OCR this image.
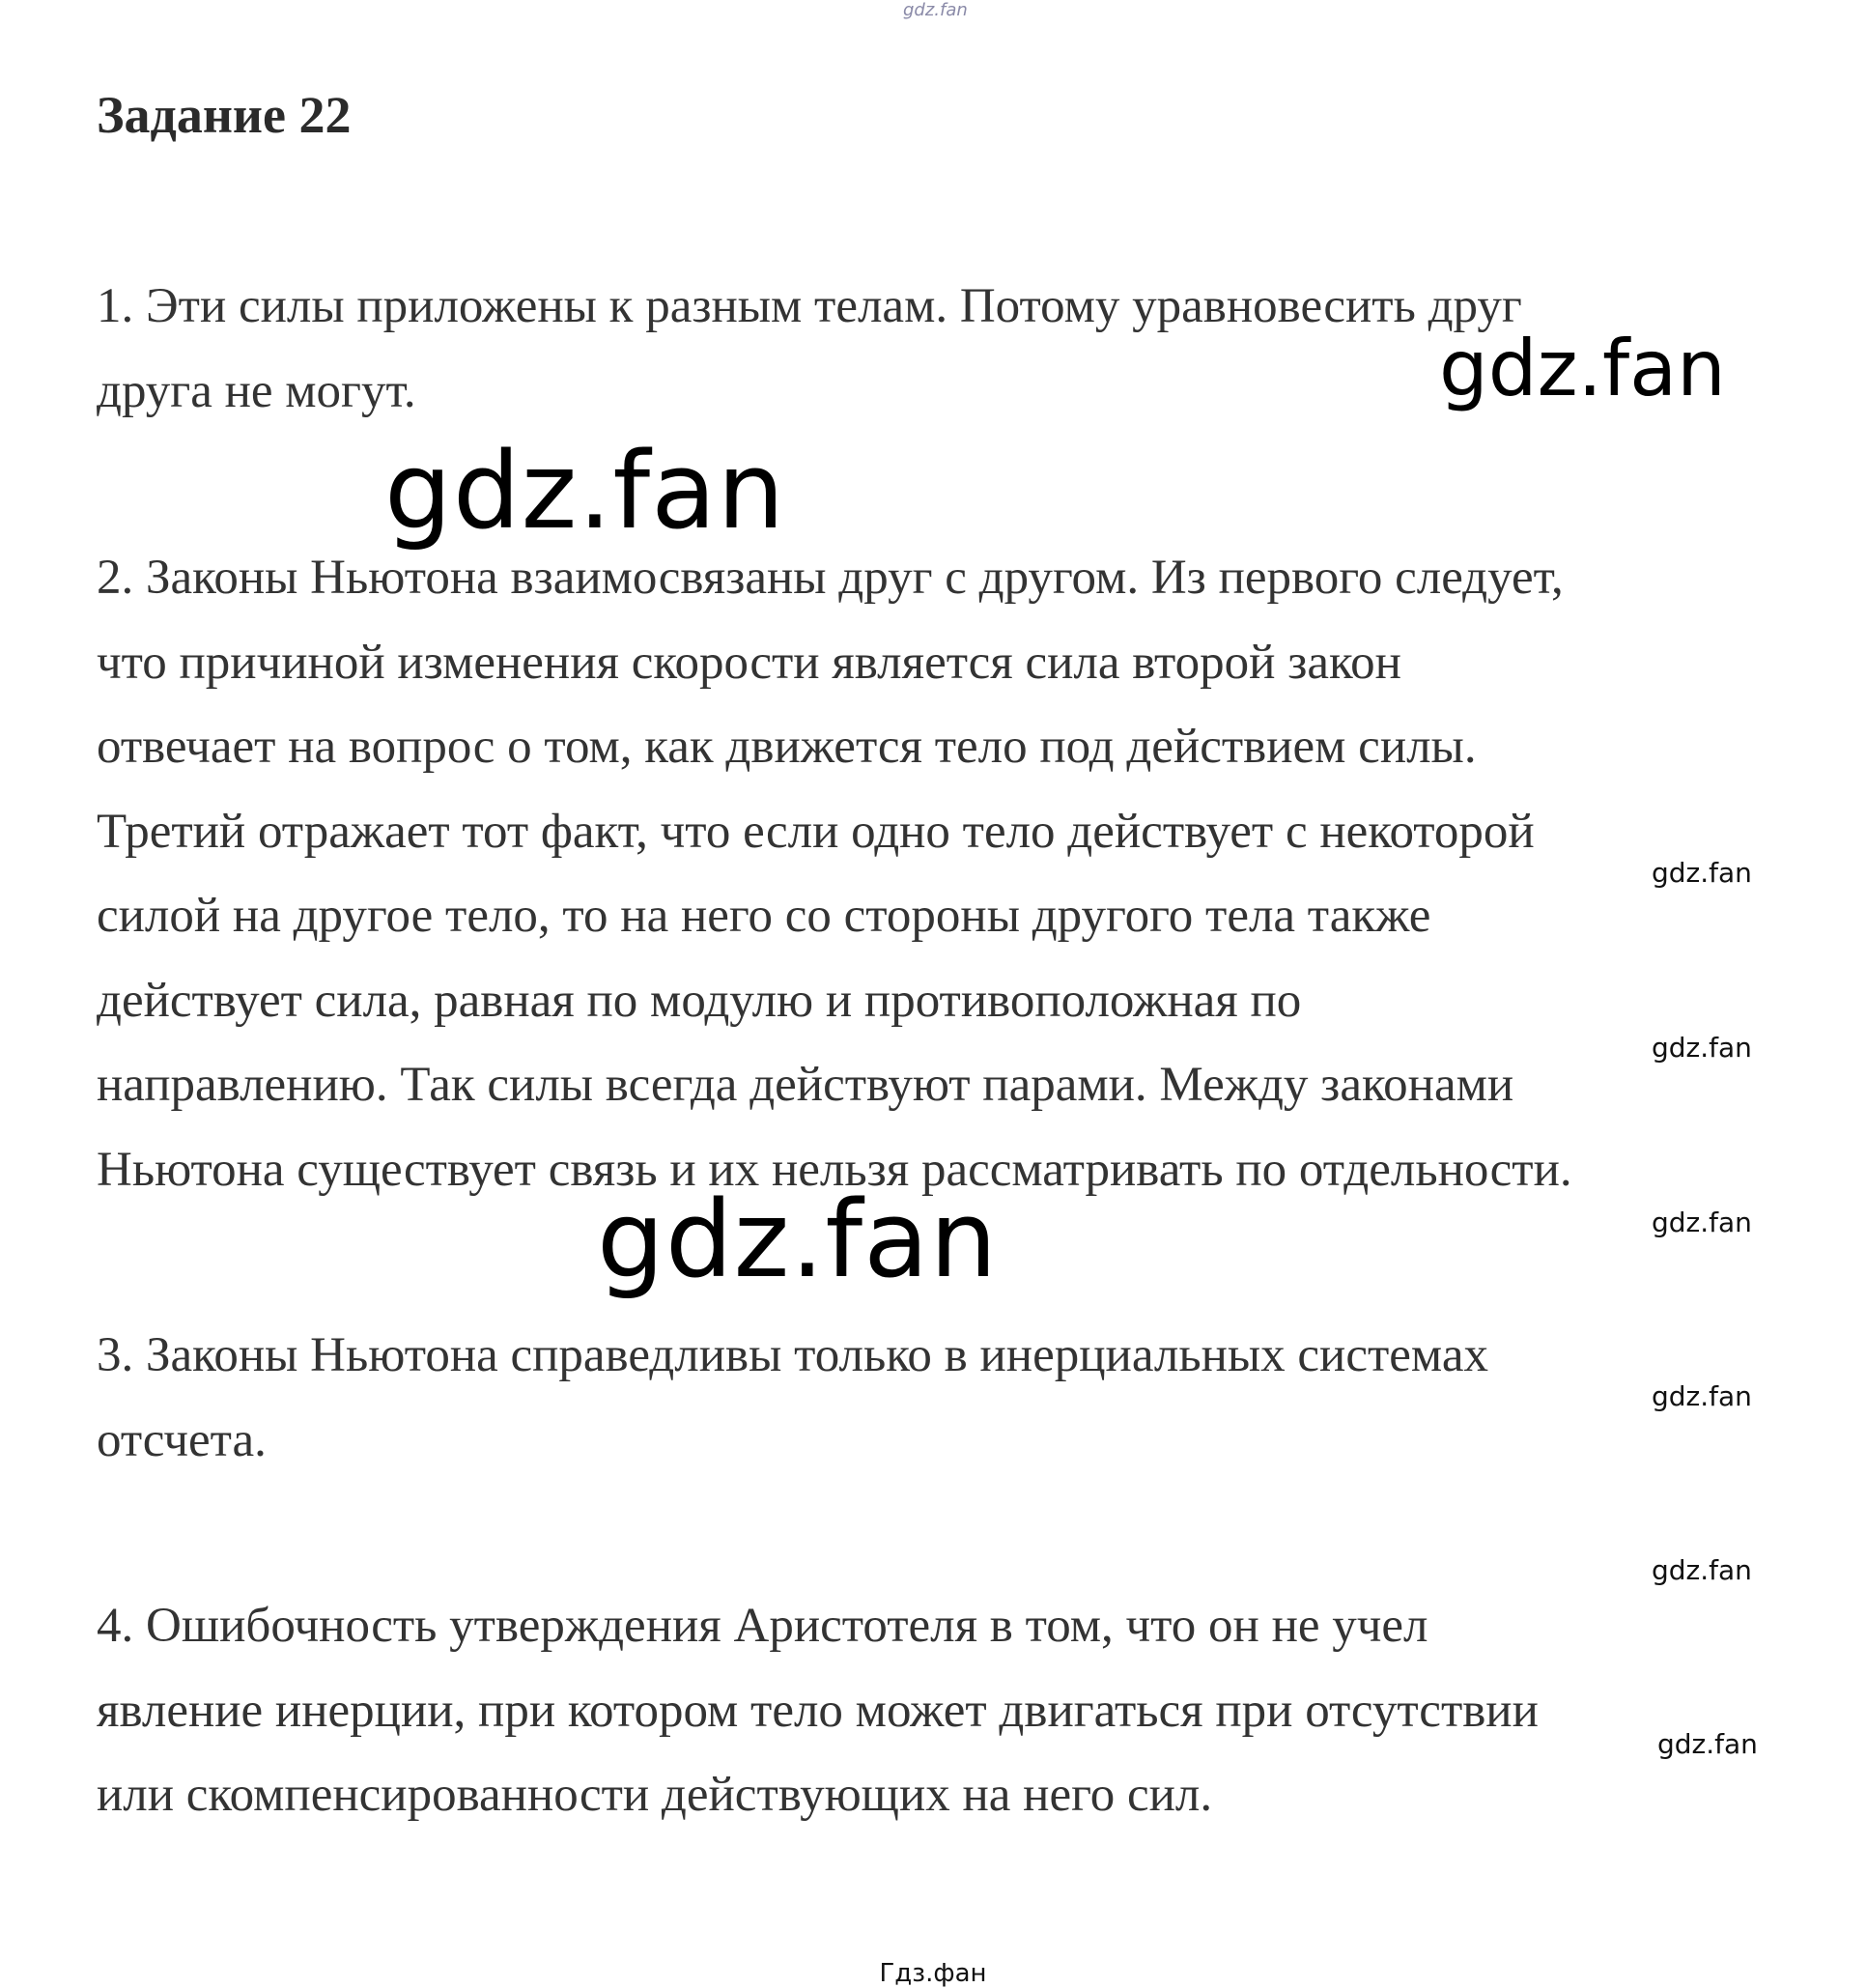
gdz.fan
Задание 22
1. Эти силы приложены к разным телам. Потому уравновесить друг
друга не могут.
2. Законы Ньютона взаимосвязаны друг с другом. Из первого следует,
что причиной изменения скорости является сила второй закон
отвечает на вопрос о том, как движется тело под действием силы.
Третий отражает тот факт, что если одно тело действует с некоторой
силой на другое тело, то на него со стороны другого тела также
действует сила, равная по модулю и противоположная по
направлению. Так силы всегда действуют парами. Между законами
Ньютона существует связь и их нельзя рассматривать по отдельности.
3. Законы Ньютона справедливы только в инерциальных системах
отсчета.
4. Ошибочность утверждения Аристотеля в том, что он не учел
явление инерции, при котором тело может двигаться при отсутствии
или скомпенсированности действующих на него сил.
gdz.fan
gdz.fan
gdz.fan
gdz.fan
gdz.fan	gdz.fan
gdz.fan
gdz.fan
gdz.fan
Гдз.фан
